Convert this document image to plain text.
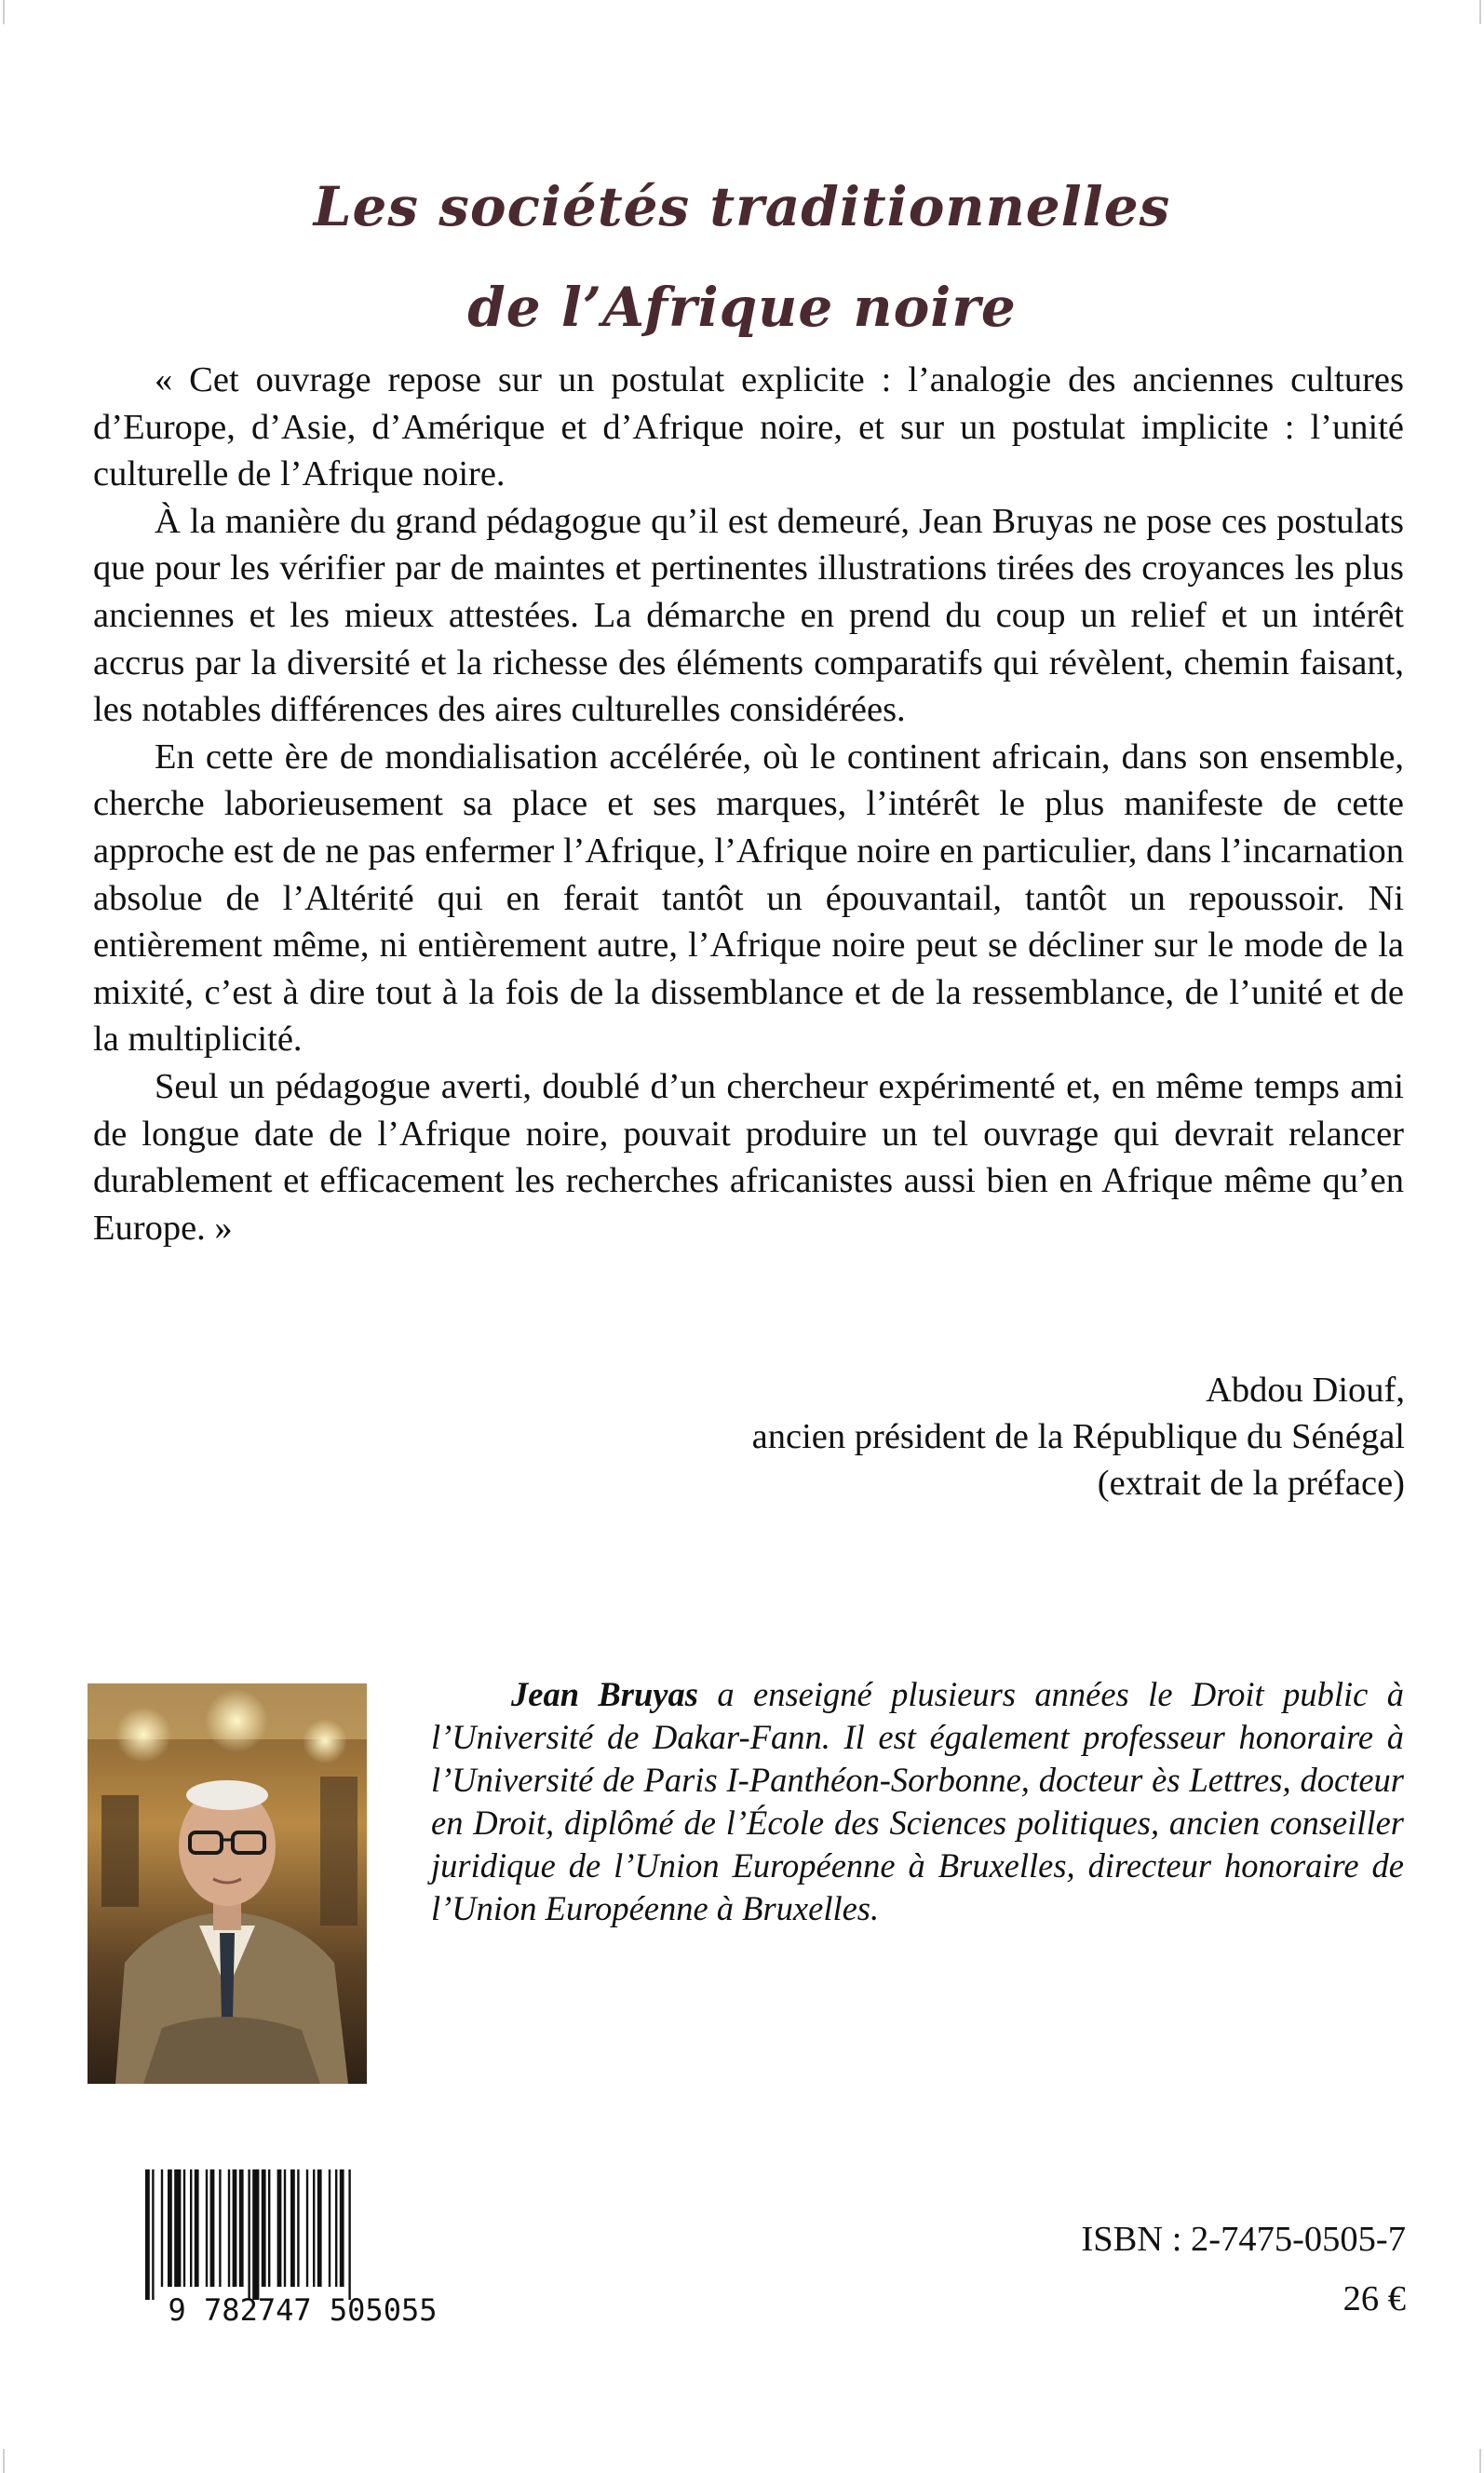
Les sociétés traditionnelles
de l’Afrique noire

« Cet ouvrage repose sur un postulat explicite : l’analogie des anciennes cultures d’Europe, d’Asie, d’Amérique et d’Afrique noire, et sur un postulat implicite : l’unité culturelle de l’Afrique noire.

À la manière du grand pédagogue qu’il est demeuré, Jean Bruyas ne pose ces postulats que pour les vérifier par de maintes et pertinentes illustrations tirées des croyances les plus anciennes et les mieux attestées. La démarche en prend du coup un relief et un intérêt accrus par la diversité et la richesse des éléments comparatifs qui révèlent, chemin faisant, les notables différences des aires culturelles considérées.

En cette ère de mondialisation accélérée, où le continent africain, dans son ensemble, cherche laborieusement sa place et ses marques, l’intérêt le plus manifeste de cette approche est de ne pas enfermer l’Afrique, l’Afrique noire en particulier, dans l’incarnation absolue de l’Altérité qui en ferait tantôt un épouvantail, tantôt un repoussoir. Ni entièrement même, ni entièrement autre, l’Afrique noire peut se décliner sur le mode de la mixité, c’est à dire tout à la fois de la dissemblance et de la ressemblance, de l’unité et de la multiplicité.

Seul un pédagogue averti, doublé d’un chercheur expérimenté et, en même temps ami de longue date de l’Afrique noire, pouvait produire un tel ouvrage qui devrait relancer durablement et efficacement les recherches africanistes aussi bien en Afrique même qu’en Europe. »

Abdou Diouf,
ancien président de la République du Sénégal
(extrait de la préface)

Jean Bruyas a enseigné plusieurs années le Droit public à l’Université de Dakar-Fann. Il est également professeur honoraire à l’Université de Paris I-Panthéon-Sorbonne, docteur ès Lettres, docteur en Droit, diplômé de l’École des Sciences politiques, ancien conseiller juridique de l’Union Européenne à Bruxelles, directeur honoraire de l’Union Européenne à Bruxelles.

9 782747 505055
ISBN : 2-7475-0505-7
26 €
